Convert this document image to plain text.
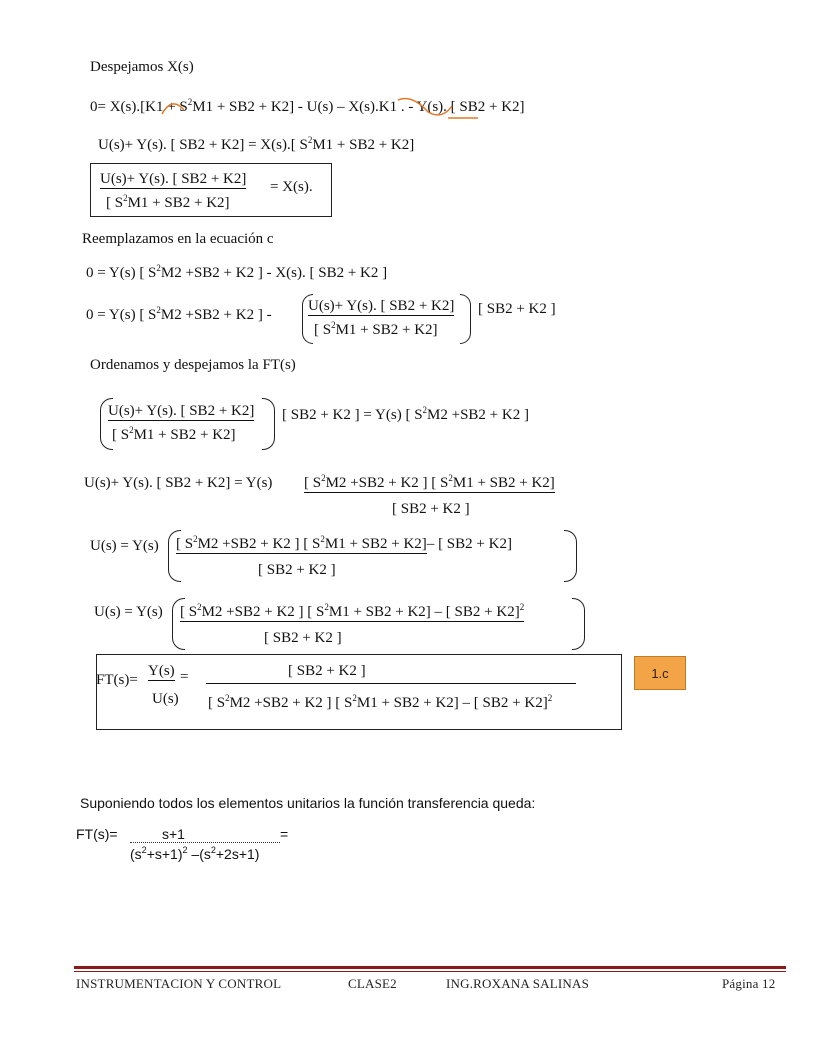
Despejamos X(s)
$0= X(s).[K1 + S^2M1 + SB2 + K2] - U(s) - X(s).K1$ . - Y(s). [ SB2 + K2]
U(s)+ Y(s). [ SB2 + K2] = X(s).[ $S^2M1 + SB2 + K2$]
U(s)+ Y(s). [ SB2 + K2] = X(s).
[ $S^2M1 + SB2 + K2$]
Reemplazamos en la ecuación c
0 = Y(s) [ $S^2M2 +SB2 + K2$ ] - X(s). [ SB2 + K2 ]
0 = Y(s) [ $S^2M2 +SB2 + K2$ ] -
U(s)+ Y(s). [ SB2 + K2]
[ $S^2M1 + SB2 + K2$]
[ SB2 + K2 ]
Ordenamos y despejamos la FT(s)
U(s)+ Y(s). [ SB2 + K2]
[ $S^2M1 + SB2 + K2$]
[ SB2 + K2 ] = Y(s) [ $S^2M2 +SB2 + K2$ ]
U(s)+ Y(s). [ SB2 + K2] = Y(s) [ $S^2M2 +SB2 + K2$ ] [ $S^2M1 + SB2 + K2$]
[ SB2 + K2 ]
U(s) = Y(s) [ $S^2M2 +SB2 + K2$ ] [ $S^2M1 + SB2 + K2]-$ [ SB2 + K2]
[ SB2 + K2 ]
U(s) = Y(s) [ $S^2M2 +SB2 + K2$ ] [ $S^2M1 + SB2 + K2$] – [ SB2 + K2]$^2$
[ SB2 + K2 ]
FT(s)=
Y(s) =
U(s)
[ SB2 + K2 ]
[ $S^2M2 +SB2 + K2$ ] [ $S^2M1 + SB2 + K2$] – [ SB2 + K2]$^2$
1.c
Suponiendo todos los elementos unitarios la función transferencia queda:
FT(s)=	s+1	=
$(s^2+s+1)^2$ $-(s^2+2s+1)$
INSTRUMENTACION Y CONTROL	CLASE2	ING.ROXANA SALINAS	Página 12
